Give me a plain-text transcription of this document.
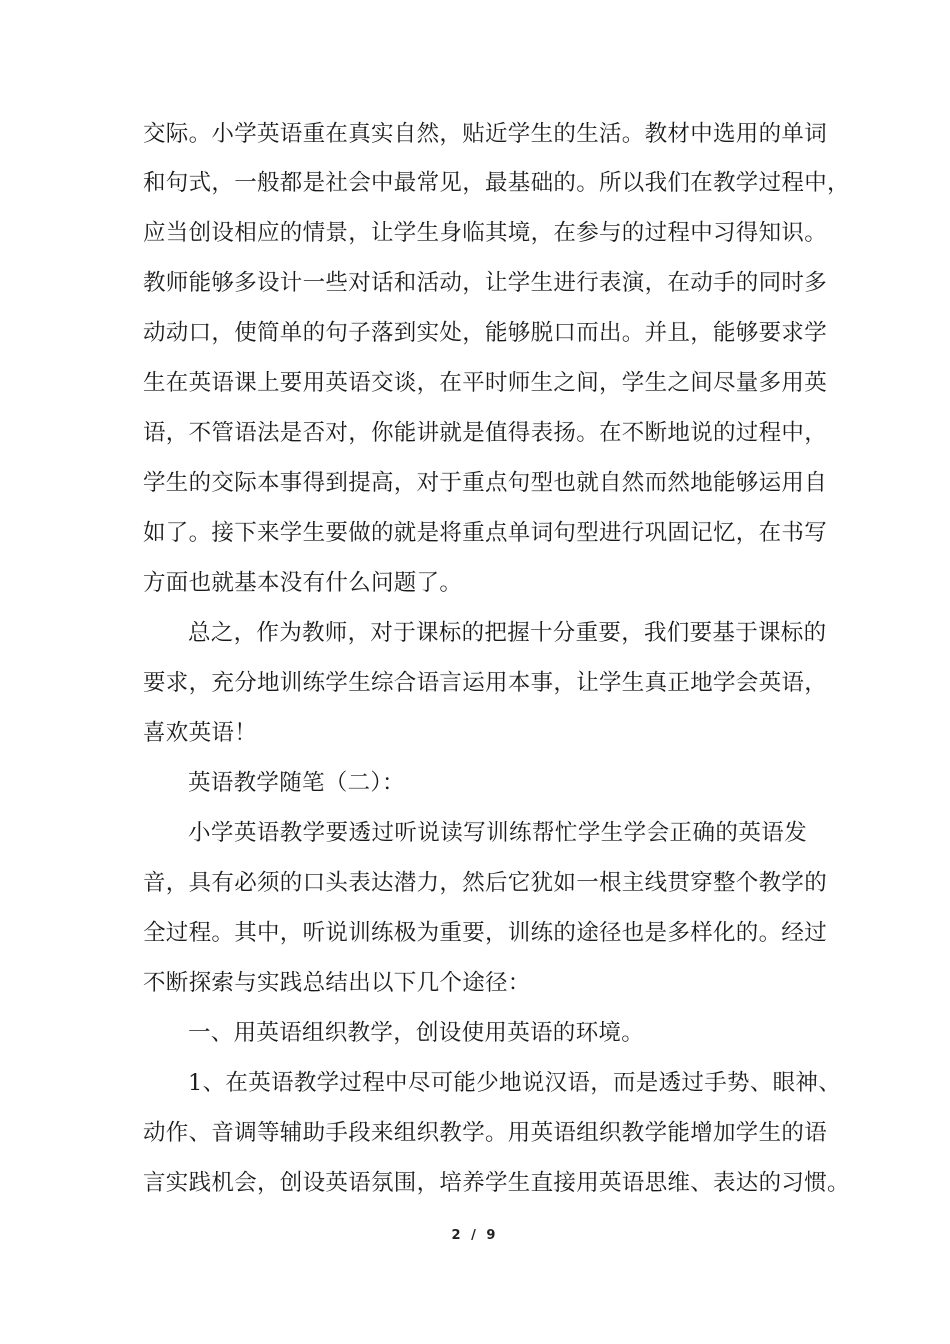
交际。小学英语重在真实自然，贴近学生的生活。教材中选用的单词
和句式，一般都是社会中最常见，最基础的。所以我们在教学过程中，
应当创设相应的情景，让学生身临其境，在参与的过程中习得知识。
教师能够多设计一些对话和活动，让学生进行表演，在动手的同时多
动动口，使简单的句子落到实处，能够脱口而出。并且，能够要求学
生在英语课上要用英语交谈，在平时师生之间，学生之间尽量多用英
语，不管语法是否对，你能讲就是值得表扬。在不断地说的过程中，
学生的交际本事得到提高，对于重点句型也就自然而然地能够运用自
如了。接下来学生要做的就是将重点单词句型进行巩固记忆，在书写
方面也就基本没有什么问题了。
总之，作为教师，对于课标的把握十分重要，我们要基于课标的
要求，充分地训练学生综合语言运用本事，让学生真正地学会英语，
喜欢英语！
英语教学随笔（二）：
小学英语教学要透过听说读写训练帮忙学生学会正确的英语发
音，具有必须的口头表达潜力，然后它犹如一根主线贯穿整个教学的
全过程。其中，听说训练极为重要，训练的途径也是多样化的。经过
不断探索与实践总结出以下几个途径：
一、用英语组织教学，创设使用英语的环境。
1、在英语教学过程中尽可能少地说汉语，而是透过手势、眼神、
动作、音调等辅助手段来组织教学。用英语组织教学能增加学生的语
言实践机会，创设英语氛围，培养学生直接用英语思维、表达的习惯。
2 / 9
